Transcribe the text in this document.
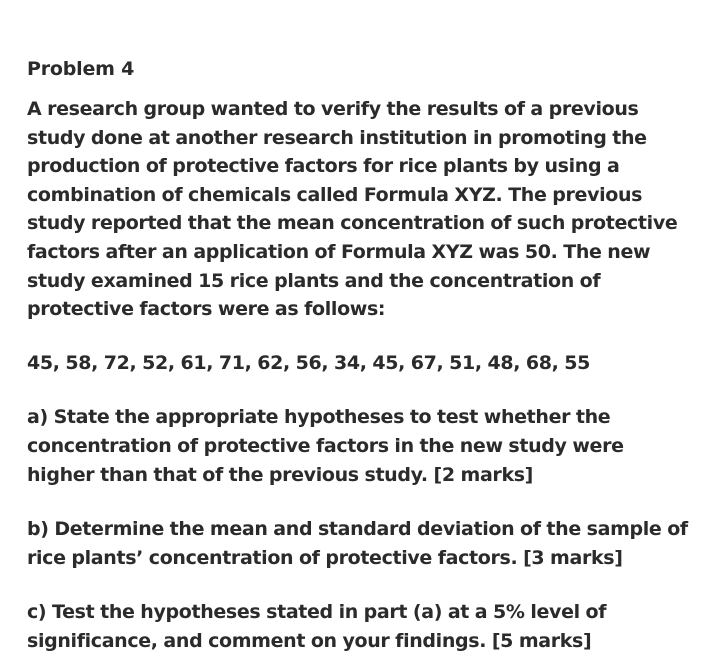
Problem 4

A research group wanted to verify the results of a previous
study done at another research institution in promoting the
production of protective factors for rice plants by using a
combination of chemicals called Formula XYZ. The previous
study reported that the mean concentration of such protective
factors after an application of Formula XYZ was 50. The new
study examined 15 rice plants and the concentration of
protective factors were as follows:

45, 58, 72, 52, 61, 71, 62, 56, 34, 45, 67, 51, 48, 68, 55

a) State the appropriate hypotheses to test whether the
concentration of protective factors in the new study were
higher than that of the previous study. [2 marks]

b) Determine the mean and standard deviation of the sample of
rice plants’ concentration of protective factors. [3 marks]

c) Test the hypotheses stated in part (a) at a 5% level of
significance, and comment on your findings. [5 marks]
